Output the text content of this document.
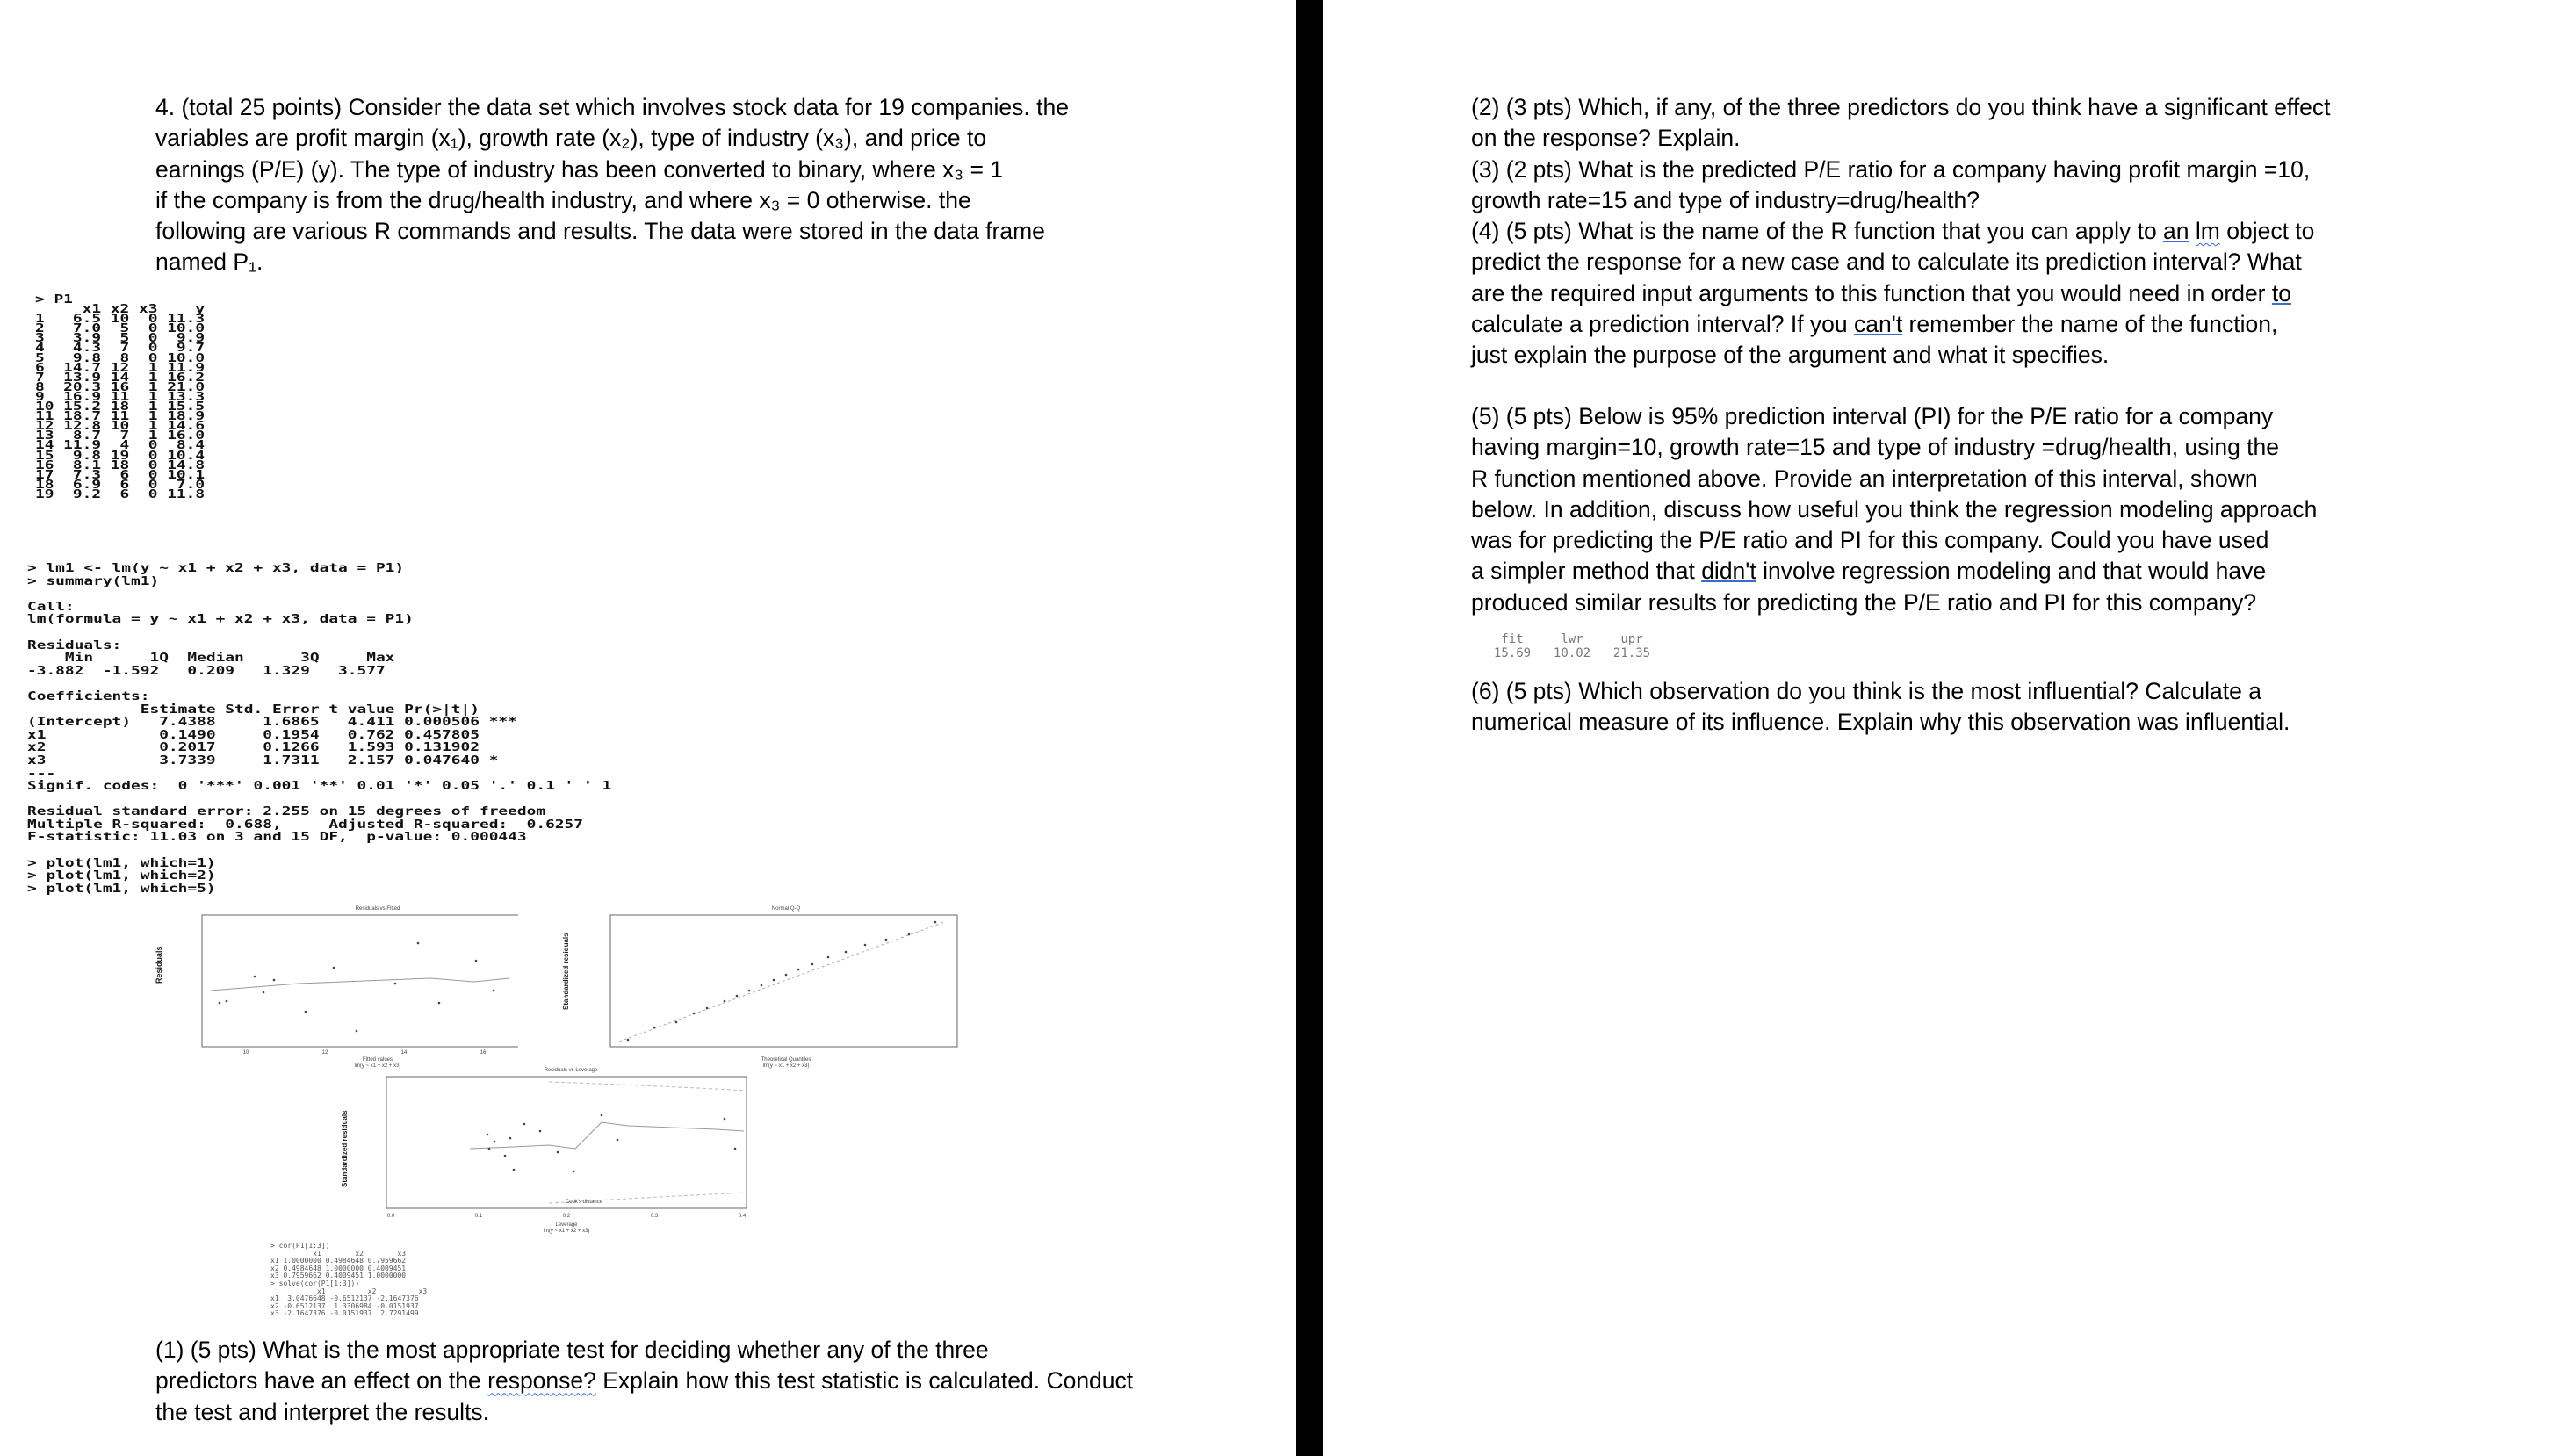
4. (total 25 points) Consider the data set which involves stock data for 19 companies. the
variables are profit margin (x₁), growth rate (x₂), type of industry (x₃), and price to
earnings (P/E) (y). The type of industry has been converted to binary, where x₃ = 1
if the company is from the drug/health industry, and where x₃ = 0 otherwise. the
following are various R commands and results. The data were stored in the data frame
named P₁.
> P1
x1 x2 x3    y
1   6.5 10  0 11.3
2   7.0  5  0 10.0
3   3.9  5  0  9.9
4   4.3  7  0  9.7
5   9.8  8  0 10.0
6  14.7 12  1 11.9
7  13.9 14  1 16.2
8  20.3 16  1 21.0
9  16.9 11  1 13.3
10 15.2 18  1 15.5
11 18.7 11  1 18.9
12 12.8 10  1 14.6
13  8.7  7  1 16.0
14 11.9  4  0  8.4
15  9.8 19  0 10.4
16  8.1 18  0 14.8
17  7.3  6  0 10.1
18  6.9  6  0  7.0
19  9.2  6  0 11.8
> lm1 <- lm(y ~ x1 + x2 + x3, data = P1)
> summary(lm1)

Call:
lm(formula = y ~ x1 + x2 + x3, data = P1)

Residuals:
Min      1Q  Median      3Q     Max
-3.882  -1.592   0.209   1.329   3.577

Coefficients:
Estimate Std. Error t value Pr(>|t|)
(Intercept)   7.4388     1.6865   4.411 0.000506 ***
x1            0.1490     0.1954   0.762 0.457805
x2            0.2017     0.1266   1.593 0.131902
x3            3.7339     1.7311   2.157 0.047640 *
---
Signif. codes:  0 '***' 0.001 '**' 0.01 '*' 0.05 '.' 0.1 ' ' 1

Residual standard error: 2.255 on 15 degrees of freedom
Multiple R-squared:  0.688,     Adjusted R-squared:  0.6257
F-statistic: 11.03 on 3 and 15 DF,  p-value: 0.000443

> plot(lm1, which=1)
> plot(lm1, which=2)
> plot(lm1, which=5)
Residuals vs Fitted
Residuals
10	12	14	16
Fitted values
lm(y ~ x1 + x2 + x3)
Normal Q-Q
Standardized residuals
Theoretical Quantiles
lm(y ~ x1 + x2 + x3)
Residuals vs Leverage
Standardized residuals
Cook's distance
0.0	0.1	0.2	0.3	0.4
Leverage
lm(y ~ x1 + x2 + x3)
> cor(P1[1:3])
x1        x2        x3
x1 1.0000000 0.4984648 0.7959662
x2 0.4984648 1.0000000 0.4009451
x3 0.7959662 0.4009451 1.0000000
> solve(cor(P1[1:3]))
x1          x2          x3
x1  3.0476648 -0.6512137 -2.1647376
x2 -0.6512137  1.3306984 -0.0151937
x3 -2.1647376 -0.0151937  2.7291499
(1) (5 pts) What is the most appropriate test for deciding whether any of the three
predictors have an effect on the response? Explain how this test statistic is calculated. Conduct
the test and interpret the results.
(2) (3 pts) Which, if any, of the three predictors do you think have a significant effect
on the response? Explain.
(3) (2 pts) What is the predicted P/E ratio for a company having profit margin =10,
growth rate=15 and type of industry=drug/health?
(4) (5 pts) What is the name of the R function that you can apply to an lm object to
predict the response for a new case and to calculate its prediction interval? What
are the required input arguments to this function that you would need in order to
calculate a prediction interval? If you can't remember the name of the function,
just explain the purpose of the argument and what it specifies.
(5) (5 pts) Below is 95% prediction interval (PI) for the P/E ratio for a company
having margin=10, growth rate=15 and type of industry =drug/health, using the
R function mentioned above. Provide an interpretation of this interval, shown
below. In addition, discuss how useful you think the regression modeling approach
was for predicting the P/E ratio and PI for this company. Could you have used
a simpler method that didn't involve regression modeling and that would have
produced similar results for predicting the P/E ratio and PI for this company?
(6) (5 pts) Which observation do you think is the most influential? Calculate a
numerical measure of its influence. Explain why this observation was influential.
fit	lwr	upr
15.69	10.02	21.35
